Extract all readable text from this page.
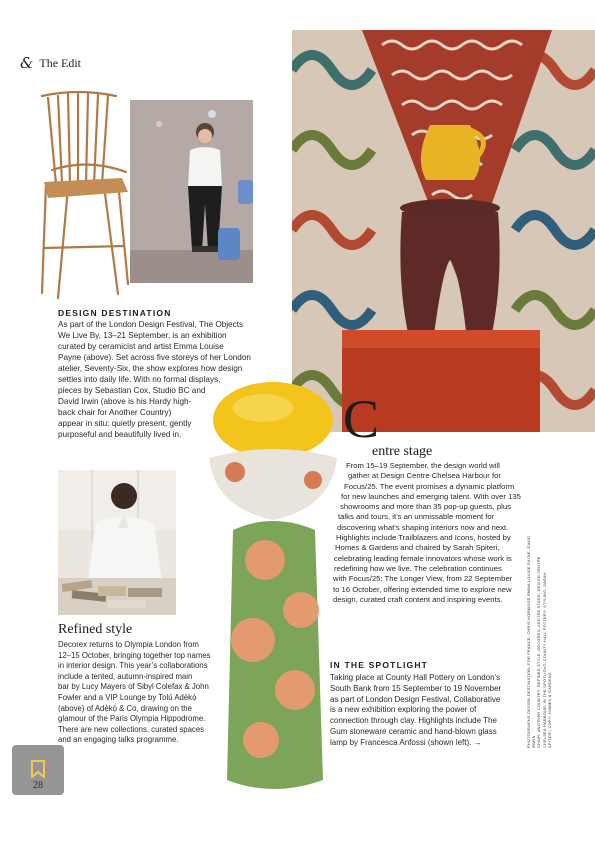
& The Edit
DESIGN DESTINATION
As part of the London Design Festival, The Objects
We Live By, 13–21 September, is an exhibition
curated by ceramicist and artist Emma Louise
Payne (above). Set across five storeys of her London
atelier, Seventy-Six, the show explores how design
settles into daily life. With no formal displays,
pieces by Sebastian Cox, Studio BC and
David Irwin (above is his Hardy high-
back chair for Another Country)
appear in situ: quietly present, gently
purposeful and beautifully lived in.
Refined style
Decorex returns to Olympia London from
12–15 October, bringing together top names
in interior design. This year’s collaborations
include a tented, autumn-inspired main
bar by Lucy Mayers of Sibyl Colefax & John
Fowler and a VIP Lounge by Tolú Adẹ̀kọ́
(above) of Adẹ̀kọ́ & Co, drawing on the
glamour of the Paris Olympia Hippodrome.
There are new collections, curated spaces
and an engaging talks programme.
C
entre stage
From 15–19 September, the design world will
gather at Design Centre Chelsea Harbour for
Focus/25. The event promises a dynamic platform
for new launches and emerging talent. With over 135
showrooms and more than 35 pop-up guests, plus
talks and tours, it’s an unmissable moment for
discovering what’s shaping interiors now and next.
Highlights include Trailblazers and Icons, hosted by
Homes & Gardens and chaired by Sarah Spiteri,
celebrating leading female innovators whose work is
redefining how we live. The celebration continues
with Focus/25: The Longer View, from 22 September
to 16 October, offering extended time to explore new
design, curated craft content and inspiring events.
IN THE SPOTLIGHT
Taking place at County Hall Pottery on London’s
South Bank from 15 September to 19 November
as part of London Design Festival, Collaborative
is a new exhibition exploring the power of
connection through clay. Highlights include The
Gum stoneware ceramic and hand-blown glass
lamp by Francesca Anfossi (shown left). →	PHOTOGRAPHS DESIGN DESTINATION: FOR FRANCE: CHRIS HORWOOD EMMA LOUISE PAYNE, DAVID IRWIN CHAIR: ANOTHER COUNTRY; REFINED STYLE: DECOREX; CENTRE STAGE: DESIGN CENTRE CHELSEA HARBOUR; IN THE SPOTLIGHT: COUNTY HALL POTTERY; STYLING: SARAH SPITERI; COPY: HOMES & GARDENS
28
